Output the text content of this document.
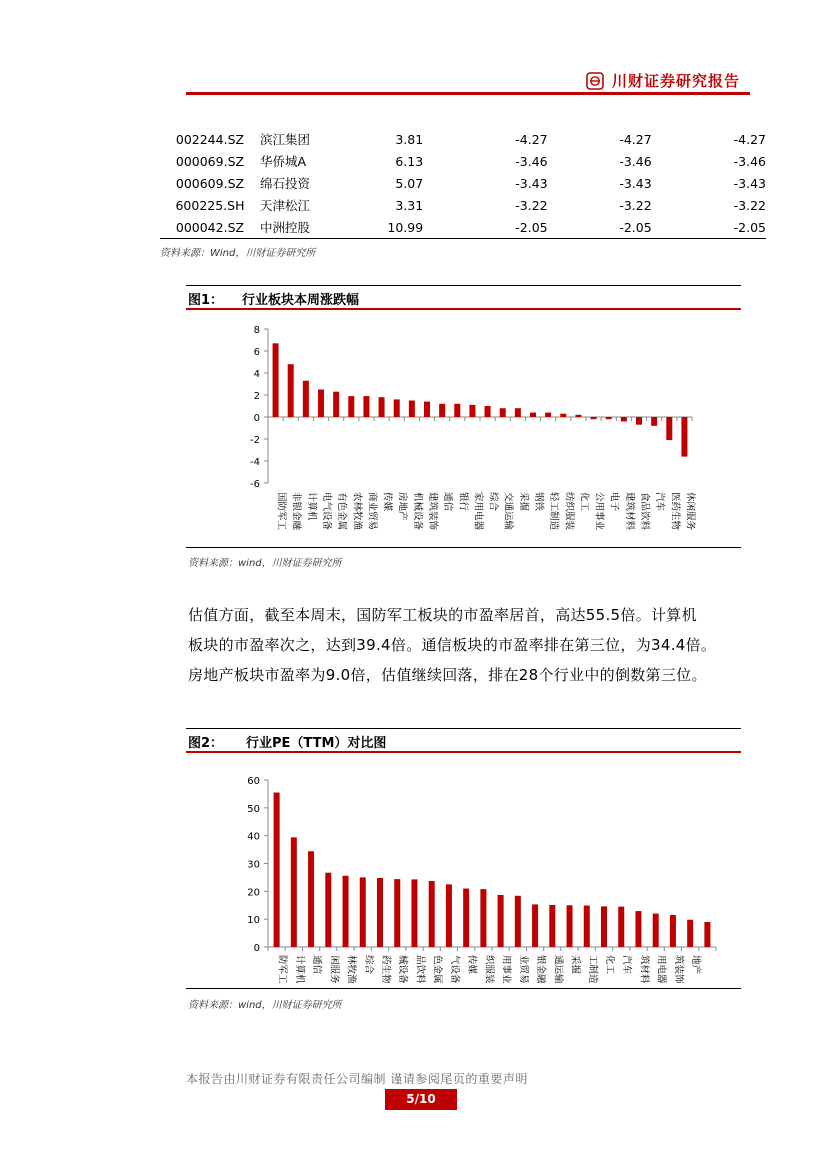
川财证券研究报告
002244.SZ	滨江集团	3.81	-4.27	-4.27	-4.27
000069.SZ	华侨城A	6.13	-3.46	-3.46	-3.46
000609.SZ	绵石投资	5.07	-3.43	-3.43	-3.43
600225.SH	天津松江	3.31	-3.22	-3.22	-3.22
000042.SZ	中洲控股	10.99	-2.05	-2.05	-2.05
资料来源：Wind，川财证券研究所
图1： 行业板块本周涨跌幅
8
6
4
2
0
-2
-4
-6
国防军工 非银金融 计算机 电气设备 有色金属 农林牧渔 商业贸易 传媒 房地产 机械设备 建筑装饰 通信 银行 家用电器 综合 交通运输 采掘 钢铁 轻工制造 纺织服装 化工 公用事业 电子 建筑材料 食品饮料 汽车 医药生物 休闲服务
资料来源：wind，川财证券研究所

估值方面，截至本周末，国防军工板块的市盈率居首，高达55.5倍。计算机

板块的市盈率次之，达到39.4倍。通信板块的市盈率排在第三位，为34.4倍。

房地产板块市盈率为9.0倍，估值继续回落，排在28个行业中的倒数第三位。

图2： 行业PE（TTM）对比图
60
50
40
30
20
10
0
防军工 计算机 通信 闲服务 林牧渔 综合 药生物 械设备 品饮料 色金属 气设备 传媒 织服装 用事业 业贸易 银金融 通运输 采掘 工制造 化工 汽车 筑材料 用电器 筑装饰 地产
资料来源：wind，川财证券研究所
本报告由川财证券有限责任公司编制 谨请参阅尾页的重要声明
5/10
